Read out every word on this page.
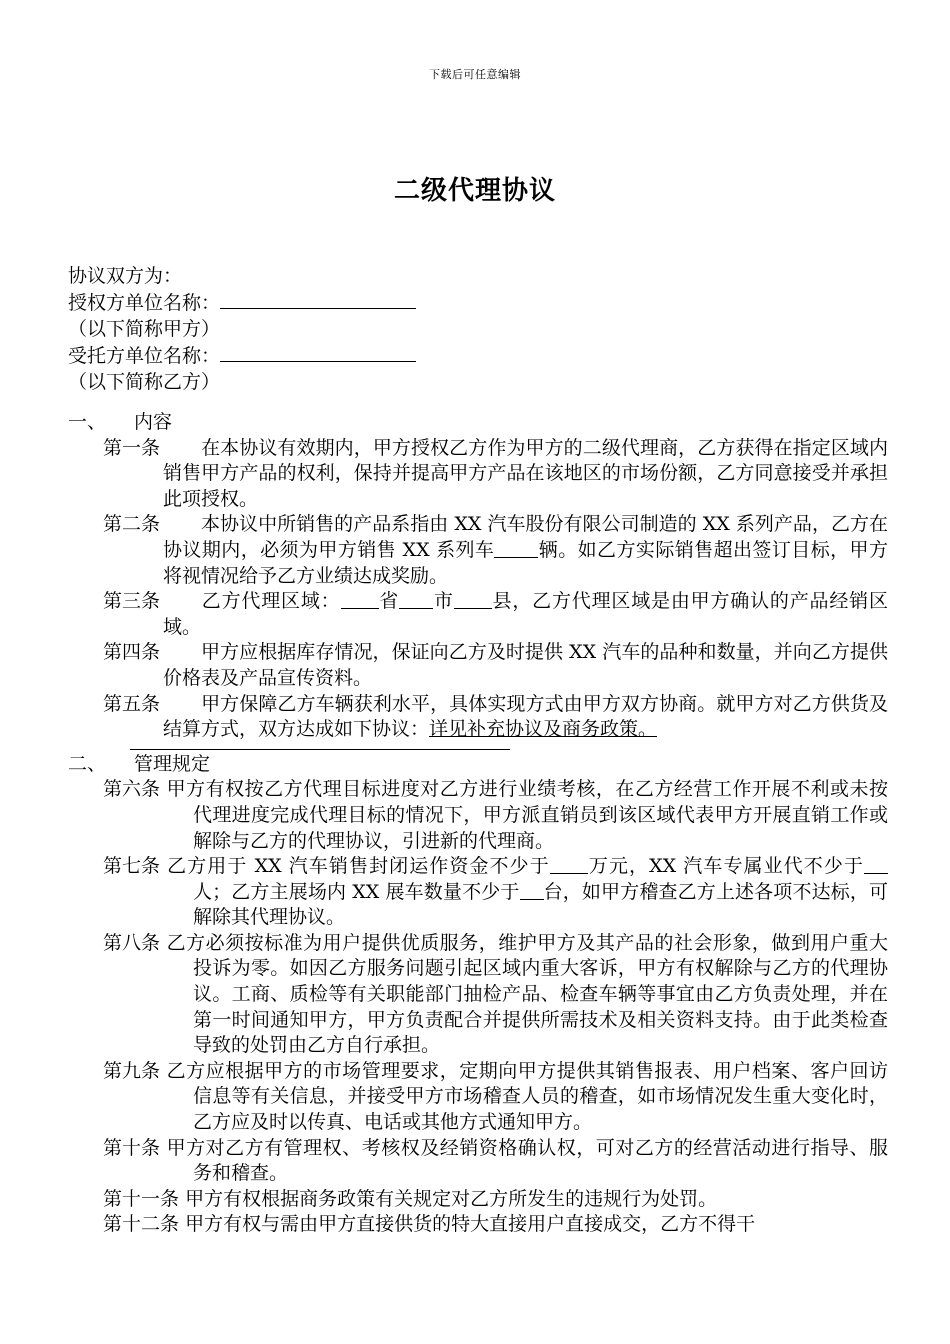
下载后可任意编辑
二级代理协议
协议双方为：
授权方单位名称：
（以下简称甲方）
受托方单位名称：
（以下简称乙方）
一、 内容
第一条 在本协议有效期内，甲方授权乙方作为甲方的二级代理商，乙方获得在指定区域内销售甲方产品的权利，保持并提高甲方产品在该地区的市场份额，乙方同意接受并承担此项授权。
第二条 本协议中所销售的产品系指由 XX 汽车股份有限公司制造的 XX 系列产品，乙方在协议期内，必须为甲方销售 XX 系列车 辆。如乙方实际销售超出签订目标，甲方将视情况给予乙方业绩达成奖励。
第三条 乙方代理区域： 省 市 县，乙方代理区域是由甲方确认的产品经销区域。
第四条 甲方应根据库存情况，保证向乙方及时提供 XX 汽车的品种和数量，并向乙方提供价格表及产品宣传资料。
第五条 甲方保障乙方车辆获利水平，具体实现方式由甲方双方协商。就甲方对乙方供货及结算方式，双方达成如下协议：详见补充协议及商务政策。
二、 管理规定
第六条 甲方有权按乙方代理目标进度对乙方进行业绩考核，在乙方经营工作开展不利或未按代理进度完成代理目标的情况下，甲方派直销员到该区域代表甲方开展直销工作或解除与乙方的代理协议，引进新的代理商。
第七条 乙方用于 XX 汽车销售封闭运作资金不少于 万元，XX 汽车专属业代不少于人；乙方主展场内 XX 展车数量不少于 台，如甲方稽查乙方上述各项不达标，可解除其代理协议。
第八条 乙方必须按标准为用户提供优质服务，维护甲方及其产品的社会形象，做到用户重大投诉为零。如因乙方服务问题引起区域内重大客诉，甲方有权解除与乙方的代理协议。工商、质检等有关职能部门抽检产品、检查车辆等事宜由乙方负责处理，并在第一时间通知甲方，甲方负责配合并提供所需技术及相关资料支持。由于此类检查导致的处罚由乙方自行承担。
第九条 乙方应根据甲方的市场管理要求，定期向甲方提供其销售报表、用户档案、客户回访信息等有关信息，并接受甲方市场稽查人员的稽查，如市场情况发生重大变化时，乙方应及时以传真、电话或其他方式通知甲方。
第十条 甲方对乙方有管理权、考核权及经销资格确认权，可对乙方的经营活动进行指导、服务和稽查。
第十一条 甲方有权根据商务政策有关规定对乙方所发生的违规行为处罚。
第十二条 甲方有权与需由甲方直接供货的特大直接用户直接成交，乙方不得干
